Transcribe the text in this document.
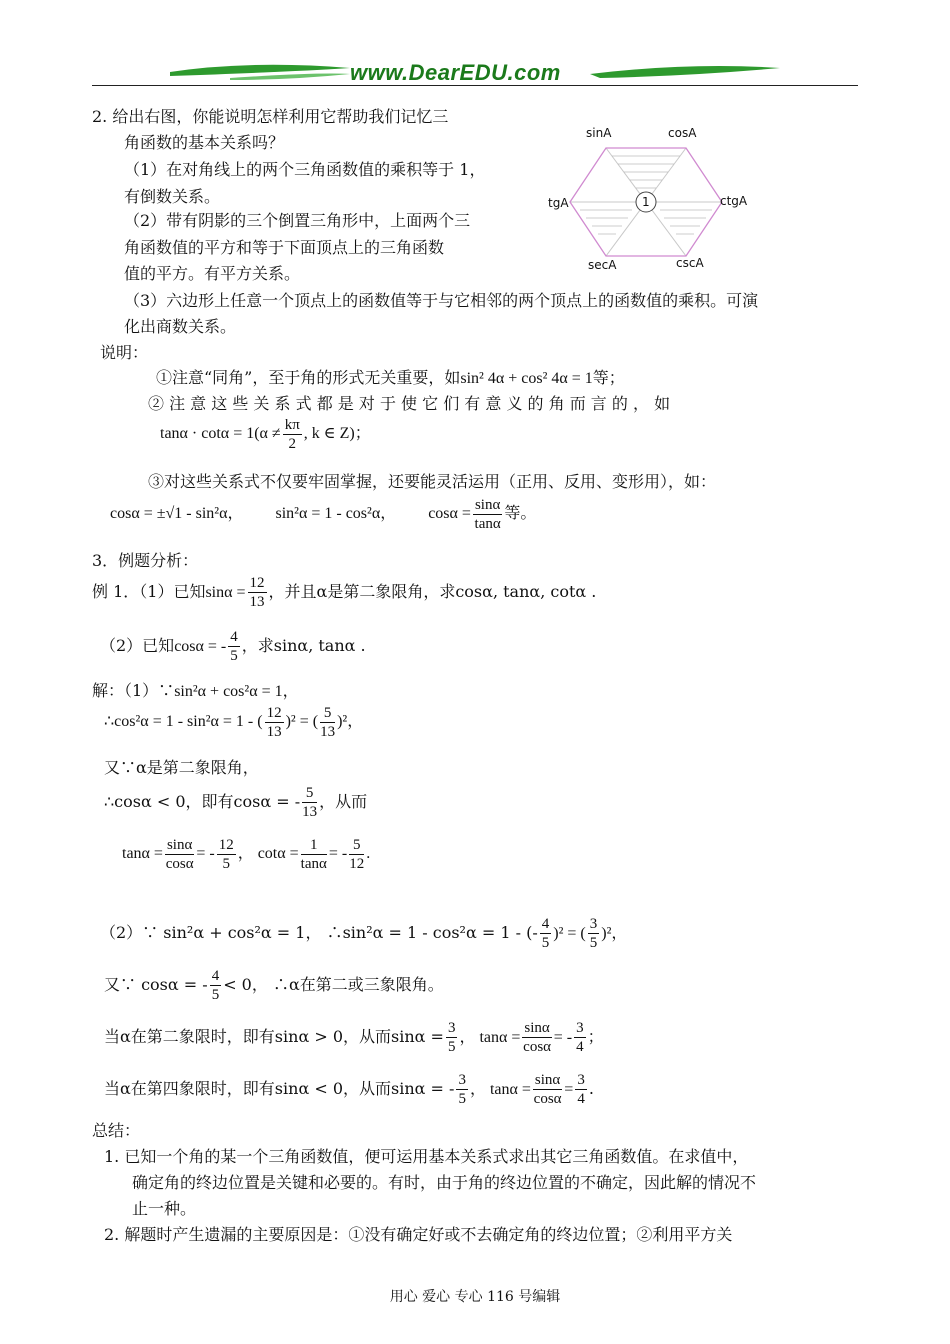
www.DearEDU.com
sinA	cosA
tgA	ctgA
secA	cscA
1
2. 给出右图，你能说明怎样利用它帮助我们记忆三
角函数的基本关系吗？
（1）在对角线上的两个三角函数值的乘积等于 1，
有倒数关系。
（2）带有阴影的三个倒置三角形中，上面两个三
角函数值的平方和等于下面顶点上的三角函数
值的平方。有平方关系。
（3）六边形上任意一个顶点上的函数值等于与它相邻的两个顶点上的函数值的乘积。可演
化出商数关系。
说明：
①注意“同角”，至于角的形式无关重要，如sin² 4α + cos² 4α = 1等；
② 注 意 这 些 关 系 式 都 是 对 于 使 它 们 有 意 义 的 角 而 言 的 ， 如
$\tan\alpha \cdot \cot\alpha = 1(\alpha \ne \frac{k\pi}{2}$ , k ∈ Z)；
③对这些关系式不仅要牢固掌握，还要能灵活运用（正用、反用、变形用），如：
cosα = ±√1 - sin²α， sin²α = 1 - cos²α， $\cos\alpha = \frac{\sin\alpha}{\tan\alpha}$ 等。
3．例题分析：
例 1．（1）已知$\sin\alpha = \frac{12}{13}$ ，并且α是第二象限角，求cosα, tanα, cotα .
（2）已知cosα = - $\frac{4}{5}$ ，求sinα, tanα .
解：（1）∵sin²α + cos²α = 1，
∴cos²α = 1 - sin²α = 1 - ( $\frac{12}{13} )^2$ = ( $\frac{5}{13} )^2$，
又∵α是第二象限角，
∴cosα < 0，即有cosα = - $\frac{5}{13}$ ，从而
$\tan\alpha = \frac{\sin\alpha}{\cos\alpha}$ = - $\frac{12}{5}$ ， $\cot\alpha = \frac{1}{\tan\alpha}$ = - $\frac{5}{12}$ .
（2）∵ sin²α + cos²α = 1， ∴sin²α = 1 - cos²α = 1 - (- $\frac{4}{5} )^2$ = ( $\frac{3}{5} )^2$，
又∵ cosα = - $\frac{4}{5} < 0$， ∴α在第二或三象限角。
当α在第二象限时，即有sinα > 0，从而$\sin\alpha = \frac{3}{5}$ ， $\tan\alpha = \frac{\sin\alpha}{\cos\alpha}$ = - $\frac{3}{4}$ ；
当α在第四象限时，即有sinα < 0，从而sinα = - $\frac{3}{5}$ ， $\tan\alpha = \frac{\sin\alpha}{\cos\alpha} = \frac{3}{4}$ .
总结：
1. 已知一个角的某一个三角函数值，便可运用基本关系式求出其它三角函数值。在求值中，
确定角的终边位置是关键和必要的。有时，由于角的终边位置的不确定，因此解的情况不
止一种。
2. 解题时产生遗漏的主要原因是：①没有确定好或不去确定角的终边位置；②利用平方关
用心 爱心 专心 116 号编辑
